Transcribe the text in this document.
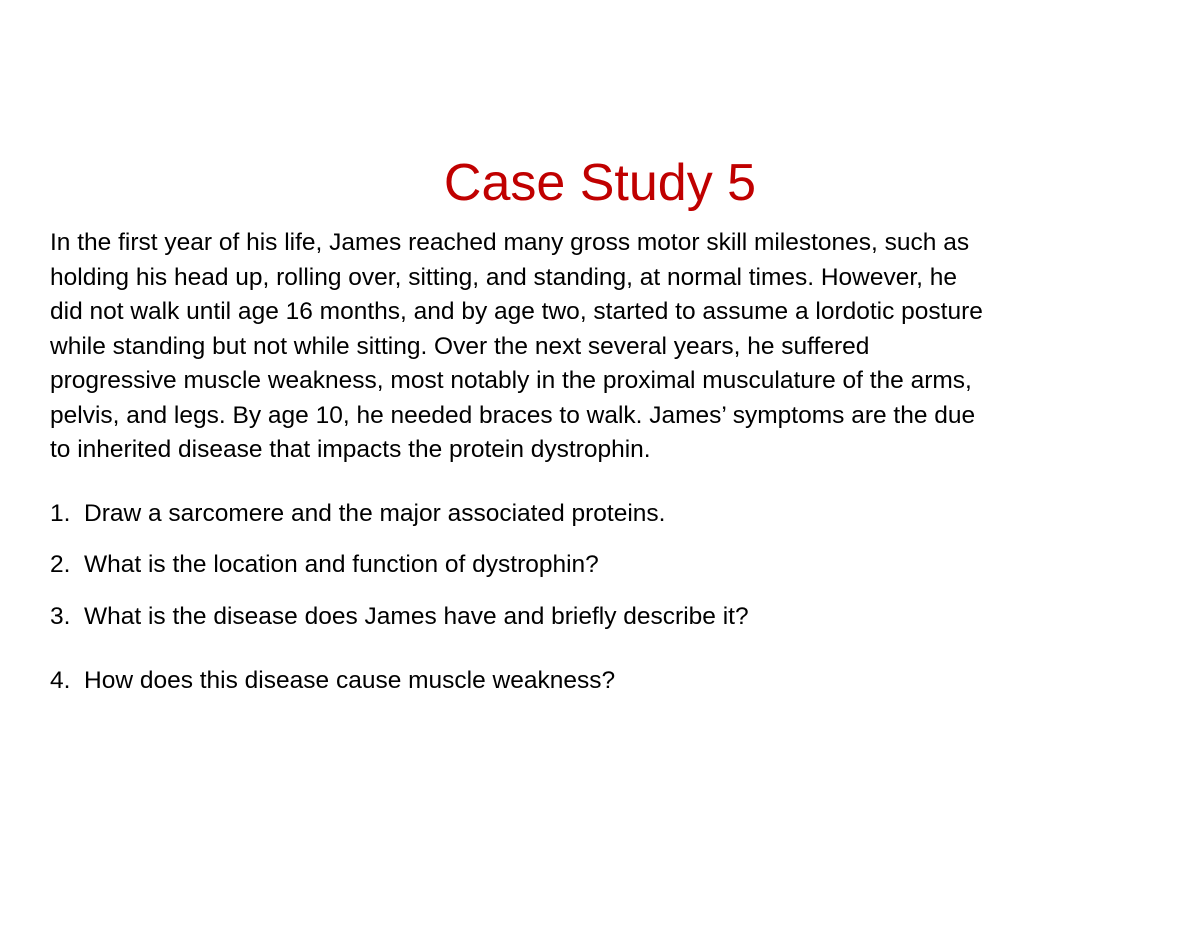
Case Study 5

In the first year of his life, James reached many gross motor skill milestones, such as
holding his head up, rolling over, sitting, and standing, at normal times. However, he
did not walk until age 16 months, and by age two, started to assume a lordotic posture
while standing but not while sitting. Over the next several years, he suffered
progressive muscle weakness, most notably in the proximal musculature of the arms,
pelvis, and legs. By age 10, he needed braces to walk. James’ symptoms are the due
to inherited disease that impacts the protein dystrophin.

1. Draw a sarcomere and the major associated proteins.

2. What is the location and function of dystrophin?

3. What is the disease does James have and briefly describe it?

4. How does this disease cause muscle weakness?
